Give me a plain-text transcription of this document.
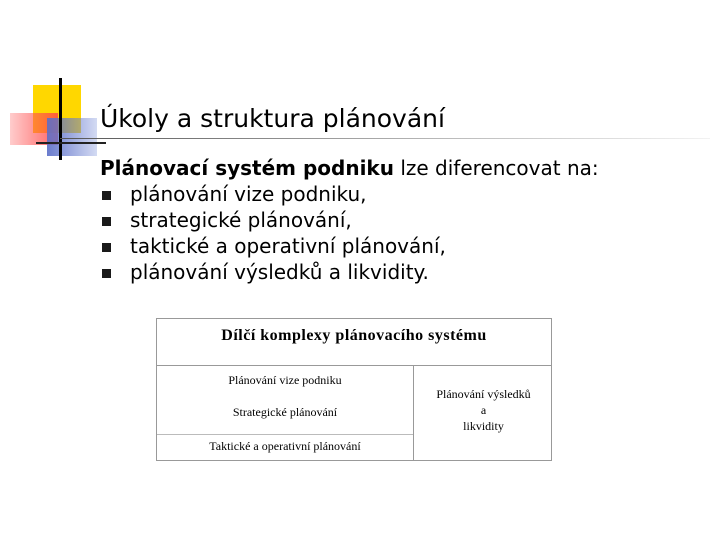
Úkoly a struktura plánování
Plánovací systém podniku lze diferencovat na:
plánování vize podniku,
strategické plánování,
taktické a operativní plánování,
plánování výsledků a likvidity.
Dílčí komplexy plánovacího systému
Plánování vize podniku
Strategické plánování
Taktické a operativní plánování
Plánování výsledků
a
likvidity
